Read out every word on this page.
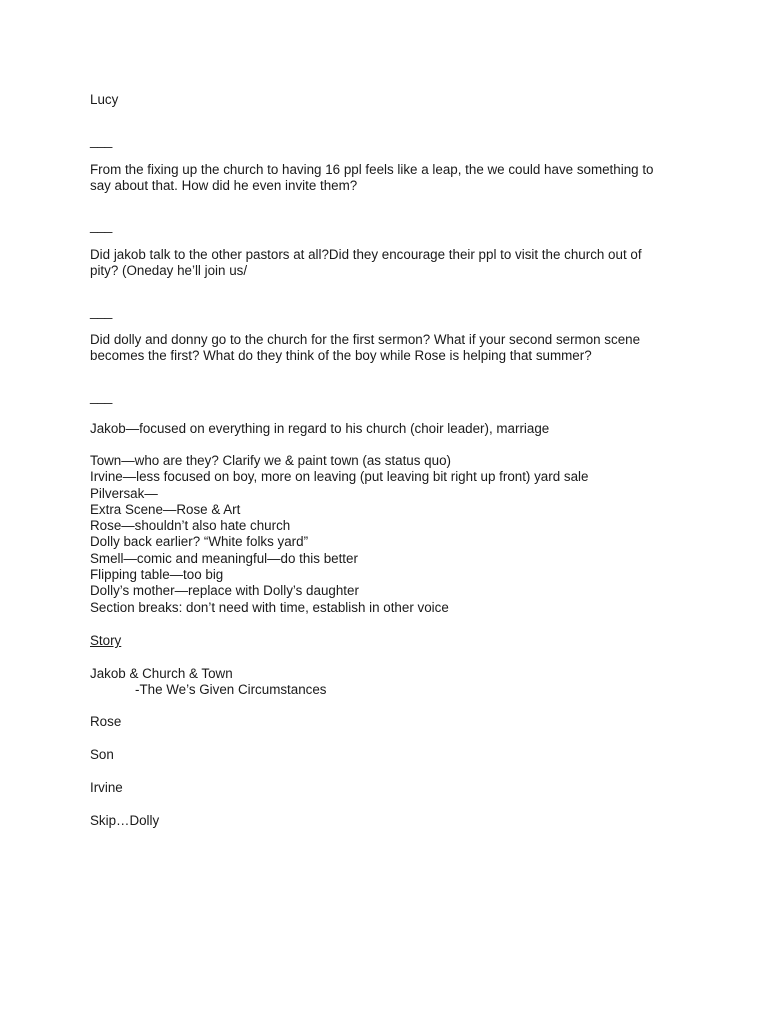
Lucy
___
From the fixing up the church to having 16 ppl feels like a leap, the we could have something to
say about that. How did he even invite them?
___
Did jakob talk to the other pastors at all?Did they encourage their ppl to visit the church out of
pity? (Oneday he’ll join us/
___
Did dolly and donny go to the church for the first sermon? What if your second sermon scene
becomes the first? What do they think of the boy while Rose is helping that summer?
___
Jakob—focused on everything in regard to his church (choir leader), marriage
Town—who are they? Clarify we & paint town (as status quo)
Irvine—less focused on boy, more on leaving (put leaving bit right up front) yard sale
Pilversak—
Extra Scene—Rose & Art
Rose—shouldn’t also hate church
Dolly back earlier? “White folks yard”
Smell—comic and meaningful—do this better
Flipping table—too big
Dolly’s mother—replace with Dolly’s daughter
Section breaks: don’t need with time, establish in other voice
Story
Jakob & Church & Town
-The We’s Given Circumstances
Rose
Son
Irvine
Skip…Dolly
